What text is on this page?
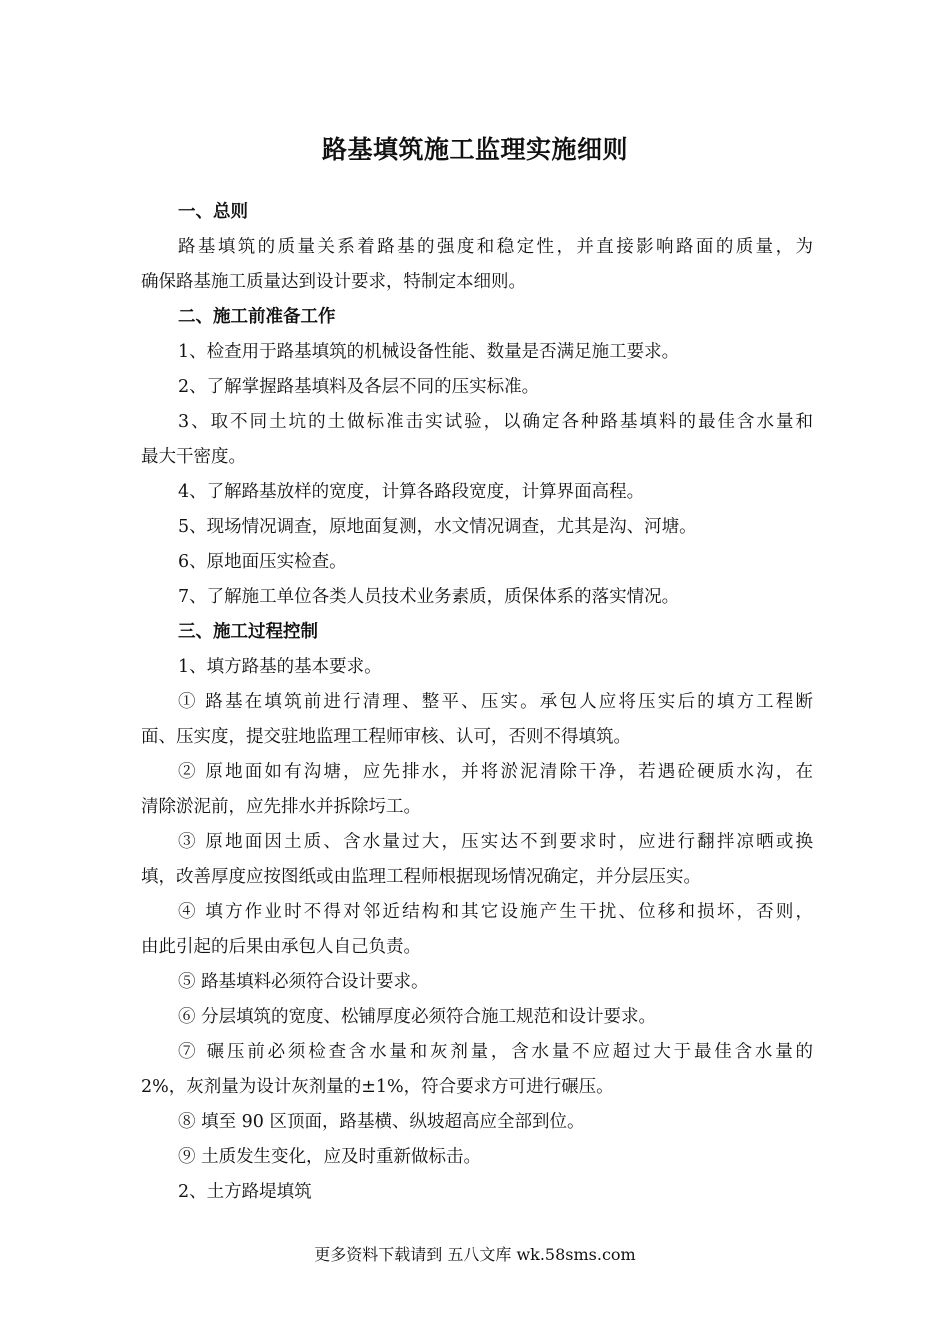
路基填筑施工监理实施细则
一、总则
路基填筑的质量关系着路基的强度和稳定性，并直接影响路面的质量，为
确保路基施工质量达到设计要求，特制定本细则。
二、施工前准备工作
1、检查用于路基填筑的机械设备性能、数量是否满足施工要求。
2、了解掌握路基填料及各层不同的压实标准。
3、取不同土坑的土做标准击实试验，以确定各种路基填料的最佳含水量和
最大干密度。
4、了解路基放样的宽度，计算各路段宽度，计算界面高程。
5、现场情况调查，原地面复测，水文情况调查，尤其是沟、河塘。
6、原地面压实检查。
7、了解施工单位各类人员技术业务素质，质保体系的落实情况。
三、施工过程控制
1、填方路基的基本要求。
① 路基在填筑前进行清理、整平、压实。承包人应将压实后的填方工程断
面、压实度，提交驻地监理工程师审核、认可，否则不得填筑。
② 原地面如有沟塘，应先排水，并将淤泥清除干净，若遇砼硬质水沟，在
清除淤泥前，应先排水并拆除圬工。
③ 原地面因土质、含水量过大，压实达不到要求时，应进行翻拌凉晒或换
填，改善厚度应按图纸或由监理工程师根据现场情况确定，并分层压实。
④ 填方作业时不得对邻近结构和其它设施产生干扰、位移和损坏，否则，
由此引起的后果由承包人自己负责。
⑤ 路基填料必须符合设计要求。
⑥ 分层填筑的宽度、松铺厚度必须符合施工规范和设计要求。
⑦ 碾压前必须检查含水量和灰剂量，含水量不应超过大于最佳含水量的
2%，灰剂量为设计灰剂量的±1%，符合要求方可进行碾压。
⑧ 填至 90 区顶面，路基横、纵坡超高应全部到位。
⑨ 土质发生变化，应及时重新做标击。
2、土方路堤填筑
更多资料下载请到 五八文库 wk.58sms.com
